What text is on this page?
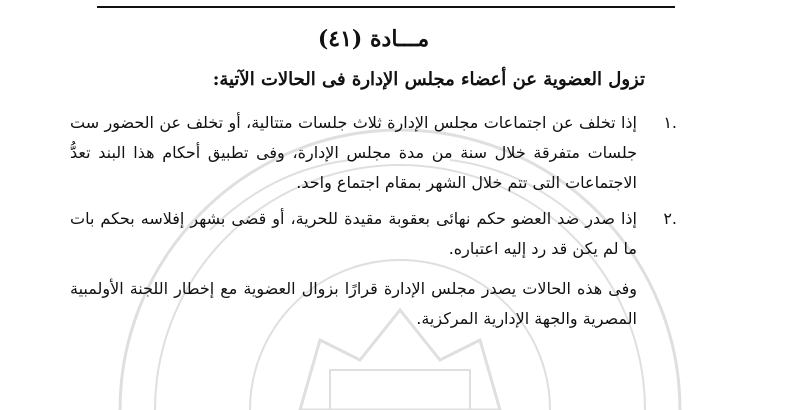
مـــادة (٤١)
تزول العضوية عن أعضاء مجلس الإدارة فى الحالات الآتية:
.١
إذا تخلف عن اجتماعات مجلس الإدارة ثلاث جلسات متتالية، أو تخلف عن الحضور ست جلسات متفرقة خلال سنة من مدة مجلس الإدارة، وفى تطبيق أحكام هذا البند تعدُّ الاجتماعات التى تتم خلال الشهر بمقام اجتماع واحد.
.٢
إذا صدر ضد العضو حكم نهائى بعقوبة مقيدة للحرية، أو قضى بشهر إفلاسه بحكم بات ما لم يكن قد رد إليه اعتباره.
وفى هذه الحالات يصدر مجلس الإدارة قرارًا بزوال العضوية مع إخطار اللجنة الأولمبية المصرية والجهة الإدارية المركزية.
